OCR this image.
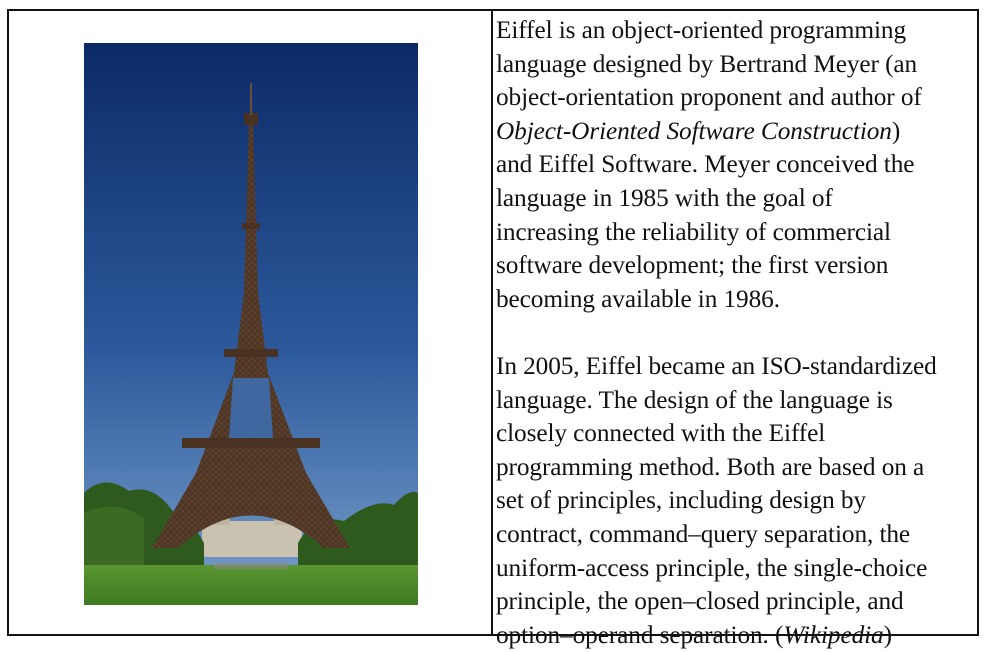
Eiffel is an object-oriented programming
language designed by Bertrand Meyer (an
object-orientation proponent and author of
Object-Oriented Software Construction)
and Eiffel Software. Meyer conceived the
language in 1985 with the goal of
increasing the reliability of commercial
software development; the first version
becoming available in 1986.

In 2005, Eiffel became an ISO-standardized
language. The design of the language is
closely connected with the Eiffel
programming method. Both are based on a
set of principles, including design by
contract, command–query separation, the
uniform-access principle, the single-choice
principle, the open–closed principle, and
option–operand separation. (Wikipedia)
